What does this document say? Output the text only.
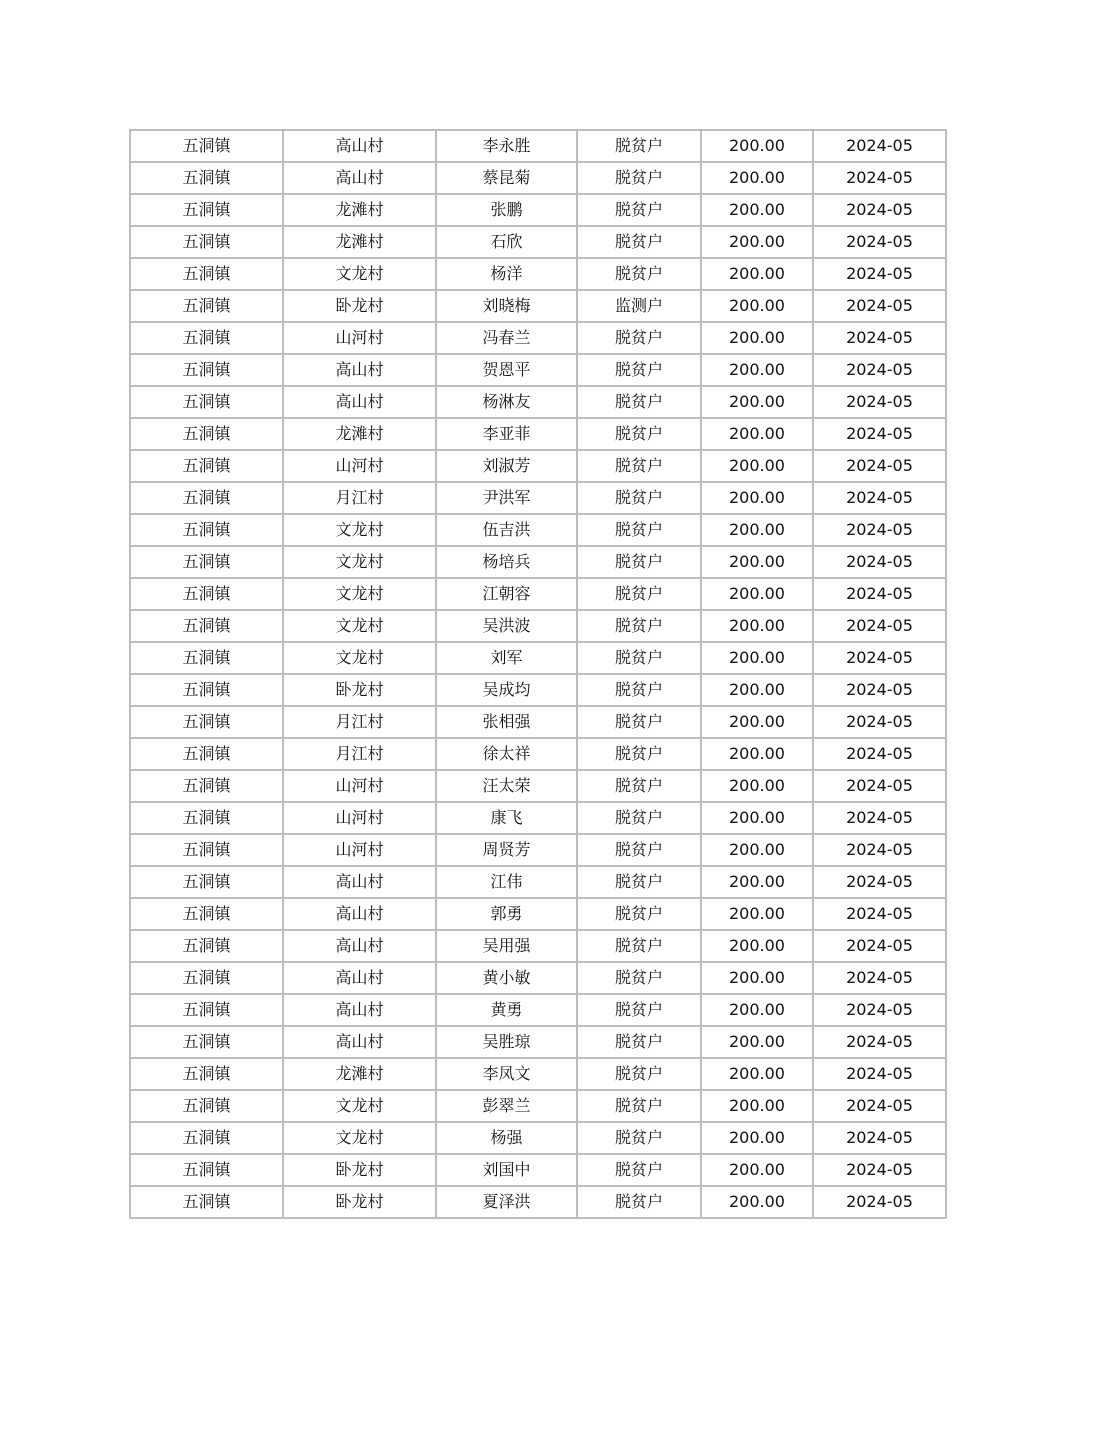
五洞镇	高山村	李永胜	脱贫户	200.00	2024-05
五洞镇	高山村	蔡昆菊	脱贫户	200.00	2024-05
五洞镇	龙滩村	张鹏	脱贫户	200.00	2024-05
五洞镇	龙滩村	石欣	脱贫户	200.00	2024-05
五洞镇	文龙村	杨洋	脱贫户	200.00	2024-05
五洞镇	卧龙村	刘晓梅	监测户	200.00	2024-05
五洞镇	山河村	冯春兰	脱贫户	200.00	2024-05
五洞镇	高山村	贺恩平	脱贫户	200.00	2024-05
五洞镇	高山村	杨淋友	脱贫户	200.00	2024-05
五洞镇	龙滩村	李亚菲	脱贫户	200.00	2024-05
五洞镇	山河村	刘淑芳	脱贫户	200.00	2024-05
五洞镇	月江村	尹洪军	脱贫户	200.00	2024-05
五洞镇	文龙村	伍吉洪	脱贫户	200.00	2024-05
五洞镇	文龙村	杨培兵	脱贫户	200.00	2024-05
五洞镇	文龙村	江朝容	脱贫户	200.00	2024-05
五洞镇	文龙村	吴洪波	脱贫户	200.00	2024-05
五洞镇	文龙村	刘军	脱贫户	200.00	2024-05
五洞镇	卧龙村	吴成均	脱贫户	200.00	2024-05
五洞镇	月江村	张相强	脱贫户	200.00	2024-05
五洞镇	月江村	徐太祥	脱贫户	200.00	2024-05
五洞镇	山河村	汪太荣	脱贫户	200.00	2024-05
五洞镇	山河村	康飞	脱贫户	200.00	2024-05
五洞镇	山河村	周贤芳	脱贫户	200.00	2024-05
五洞镇	高山村	江伟	脱贫户	200.00	2024-05
五洞镇	高山村	郭勇	脱贫户	200.00	2024-05
五洞镇	高山村	吴用强	脱贫户	200.00	2024-05
五洞镇	高山村	黄小敏	脱贫户	200.00	2024-05
五洞镇	高山村	黄勇	脱贫户	200.00	2024-05
五洞镇	高山村	吴胜琼	脱贫户	200.00	2024-05
五洞镇	龙滩村	李凤文	脱贫户	200.00	2024-05
五洞镇	文龙村	彭翠兰	脱贫户	200.00	2024-05
五洞镇	文龙村	杨强	脱贫户	200.00	2024-05
五洞镇	卧龙村	刘国中	脱贫户	200.00	2024-05
五洞镇	卧龙村	夏泽洪	脱贫户	200.00	2024-05
